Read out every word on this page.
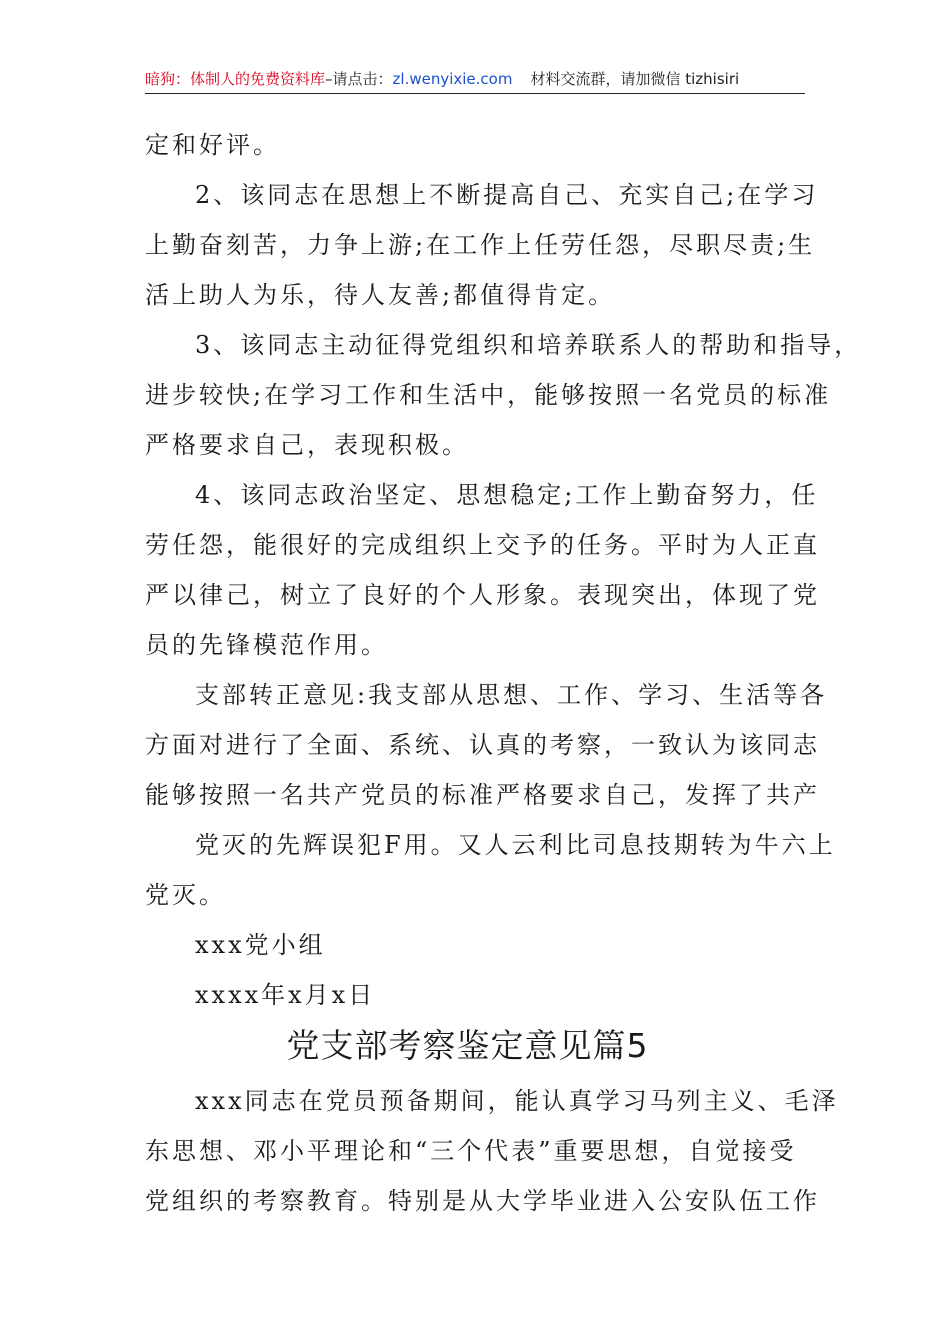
暗狗：体制人的免费资料库–请点击：zl.wenyixie.com 材料交流群，请加微信 tizhisiri
定和好评。
2、该同志在思想上不断提高自己、充实自己;在学习
上勤奋刻苦，力争上游;在工作上任劳任怨，尽职尽责;生
活上助人为乐，待人友善;都值得肯定。
3、该同志主动征得党组织和培养联系人的帮助和指导，
进步较快;在学习工作和生活中，能够按照一名党员的标准
严格要求自己，表现积极。
4、该同志政治坚定、思想稳定;工作上勤奋努力，任
劳任怨，能很好的完成组织上交予的任务。平时为人正直
严以律己，树立了良好的个人形象。表现突出，体现了党
员的先锋模范作用。
支部转正意见:我支部从思想、工作、学习、生活等各
方面对进行了全面、系统、认真的考察，一致认为该同志
能够按照一名共产党员的标准严格要求自己，发挥了共产
党灭的先辉误犯F用。又人云利比司息技期转为牛六上
党灭。
xxx党小组
xxxx年x月x日
党支部考察鉴定意见篇5
xxx同志在党员预备期间，能认真学习马列主义、毛泽
东思想、邓小平理论和“三个代表”重要思想，自觉接受
党组织的考察教育。特别是从大学毕业进入公安队伍工作
